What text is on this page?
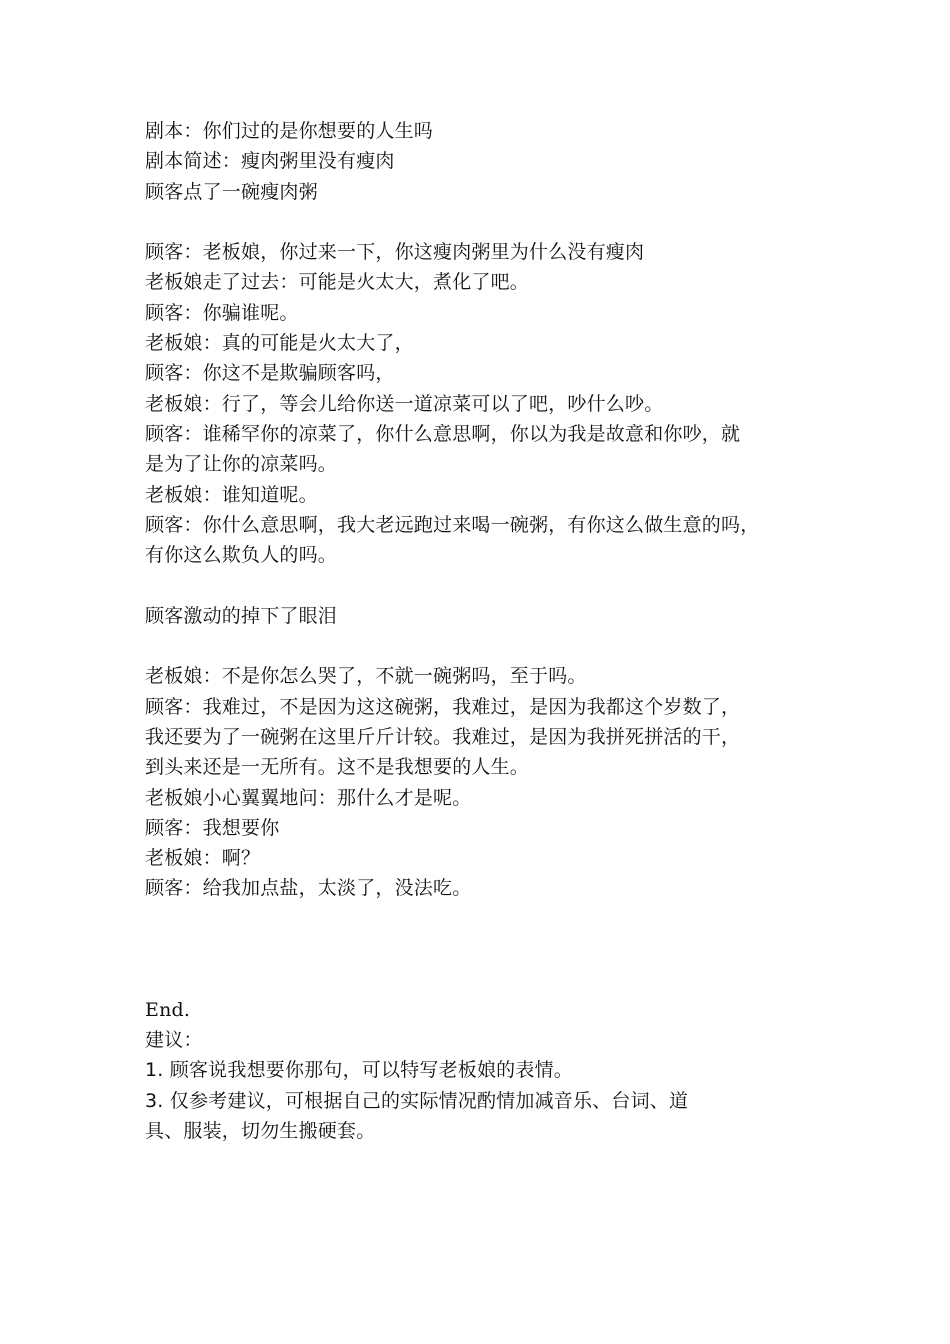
剧本：你们过的是你想要的人生吗
剧本简述：瘦肉粥里没有瘦肉
顾客点了一碗瘦肉粥
顾客：老板娘，你过来一下，你这瘦肉粥里为什么没有瘦肉
老板娘走了过去：可能是火太大，煮化了吧。
顾客：你骗谁呢。
老板娘：真的可能是火太大了，
顾客：你这不是欺骗顾客吗，
老板娘：行了，等会儿给你送一道凉菜可以了吧，吵什么吵。
顾客：谁稀罕你的凉菜了，你什么意思啊，你以为我是故意和你吵，就
是为了让你的凉菜吗。
老板娘：谁知道呢。
顾客：你什么意思啊，我大老远跑过来喝一碗粥，有你这么做生意的吗，
有你这么欺负人的吗。
顾客激动的掉下了眼泪
老板娘：不是你怎么哭了，不就一碗粥吗，至于吗。
顾客：我难过，不是因为这这碗粥，我难过，是因为我都这个岁数了，
我还要为了一碗粥在这里斤斤计较。我难过，是因为我拼死拼活的干，
到头来还是一无所有。这不是我想要的人生。
老板娘小心翼翼地问：那什么才是呢。
顾客：我想要你
老板娘：啊？
顾客：给我加点盐，太淡了，没法吃。
End.
建议：
1. 顾客说我想要你那句，可以特写老板娘的表情。
3. 仅参考建议，可根据自己的实际情况酌情加减音乐、台词、道
具、服装，切勿生搬硬套。
